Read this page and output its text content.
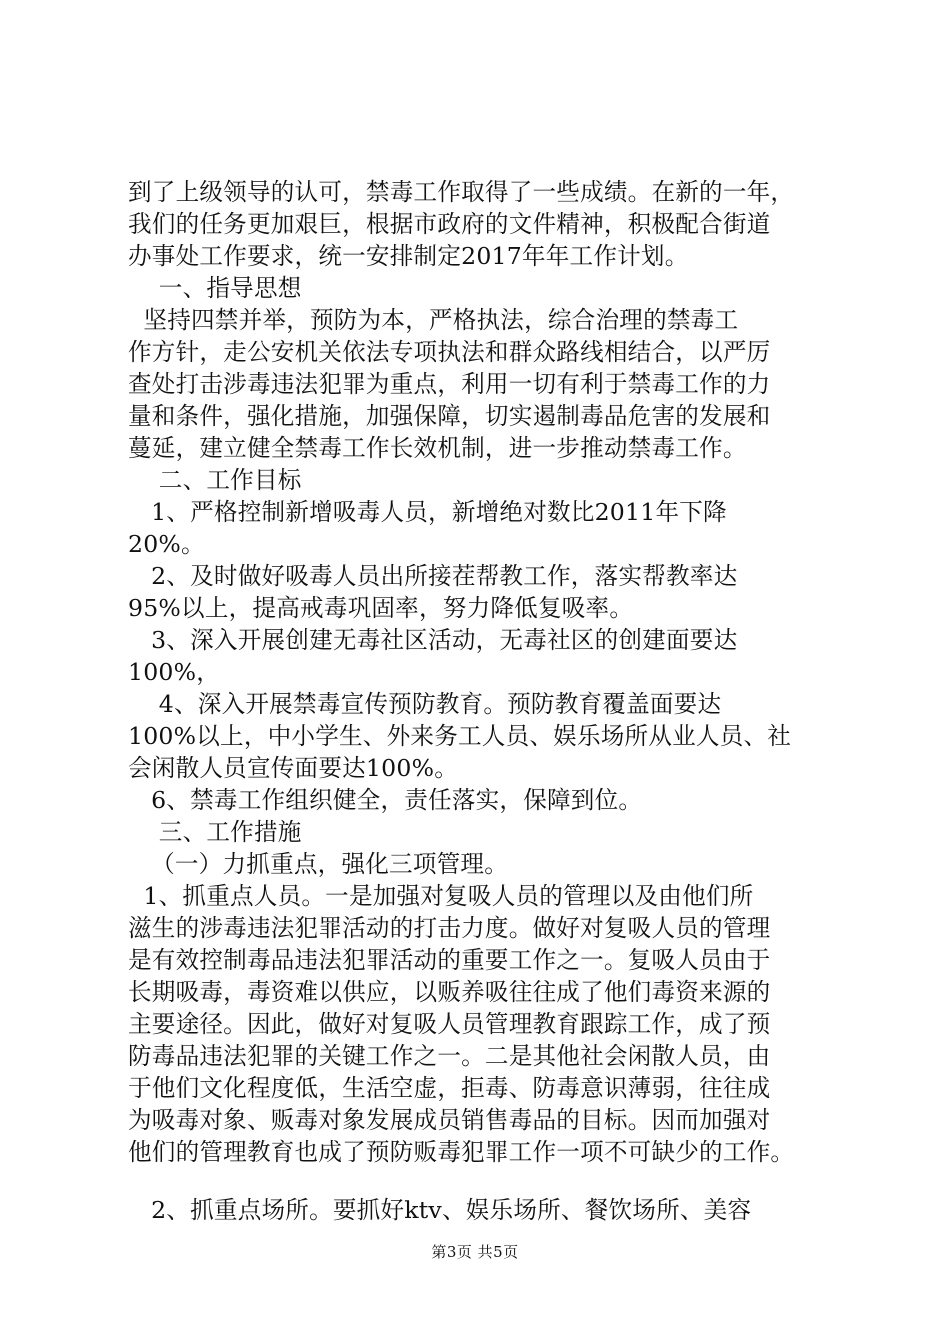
到了上级领导的认可，禁毒工作取得了一些成绩。在新的一年，
我们的任务更加艰巨，根据市政府的文件精神，积极配合街道
办事处工作要求，统一安排制定2017年年工作计划。
一、指导思想
坚持四禁并举，预防为本，严格执法，综合治理的禁毒工
作方针，走公安机关依法专项执法和群众路线相结合，以严厉
查处打击涉毒违法犯罪为重点，利用一切有利于禁毒工作的力
量和条件，强化措施，加强保障，切实遏制毒品危害的发展和
蔓延，建立健全禁毒工作长效机制，进一步推动禁毒工作。
二、工作目标
1、严格控制新增吸毒人员，新增绝对数比2011年下降
20%。
2、及时做好吸毒人员出所接茬帮教工作，落实帮教率达
95%以上，提高戒毒巩固率，努力降低复吸率。
3、深入开展创建无毒社区活动，无毒社区的创建面要达
100%，
4、深入开展禁毒宣传预防教育。预防教育覆盖面要达
100%以上，中小学生、外来务工人员、娱乐场所从业人员、社
会闲散人员宣传面要达100%。
6、禁毒工作组织健全，责任落实，保障到位。
三、工作措施
（一）力抓重点，强化三项管理。
1、抓重点人员。一是加强对复吸人员的管理以及由他们所
滋生的涉毒违法犯罪活动的打击力度。做好对复吸人员的管理
是有效控制毒品违法犯罪活动的重要工作之一。复吸人员由于
长期吸毒，毒资难以供应，以贩养吸往往成了他们毒资来源的
主要途径。因此，做好对复吸人员管理教育跟踪工作，成了预
防毒品违法犯罪的关键工作之一。二是其他社会闲散人员，由
于他们文化程度低，生活空虚，拒毒、防毒意识薄弱，往往成
为吸毒对象、贩毒对象发展成员销售毒品的目标。因而加强对
他们的管理教育也成了预防贩毒犯罪工作一项不可缺少的工作。
2、抓重点场所。要抓好ktv、娱乐场所、餐饮场所、美容
第3页 共5页
